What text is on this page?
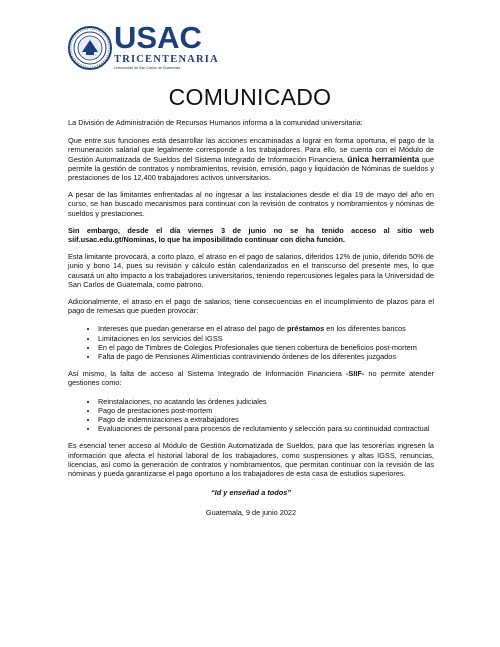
USAC
TRICENTENARIA
Universidad de San Carlos de Guatemala
COMUNICADO

La División de Administración de Recursos Humanos informa a la comunidad universitaria:

Que entre sus funciones está desarrollar las acciones encaminadas a lograr en forma oportuna, el pago de la remuneración salarial que legalmente corresponde a los trabajadores. Para ello, se cuenta con el Módulo de Gestión Automatizada de Sueldos del Sistema Integrado de Información Financiera, única herramienta que permite la gestión de contratos y nombramientos, revisión, emisión, pago y liquidación de Nóminas de sueldos y prestaciones de los 12,400 trabajadores activos universitarios.

A pesar de las limitantes enfrentadas al no ingresar a las instalaciones desde el día 19 de mayo del año en curso, se han buscado mecanismos para continuar con la revisión de contratos y nombramientos y nóminas de sueldos y prestaciones.

Sin embargo, desde el día viernes 3 de junio no se ha tenido acceso al sitio web siif.usac.edu.gt/Nominas, lo que ha imposibilitado continuar con dicha función.

Esta limitante provocará, a corto plazo, el atraso en el pago de salarios, diferidos 12% de junio, diferido 50% de junio y bono 14, pues su revisión y cálculo están calendarizados en el transcurso del presente mes, lo que causará un alto impacto a los trabajadores universitarios, teniendo repercusiones legales para la Universidad de San Carlos de Guatemala, como patrono.

Adicionalmente, el atraso en el pago de salarios, tiene consecuencias en el incumplimiento de plazos para el pago de remesas que pueden provocar:

• Intereses que puedan generarse en el atraso del pago de préstamos en los diferentes bancos
• Limitaciones en los servicios del IGSS
• En el pago de Timbres de Colegios Profesionales que tienen cobertura de beneficios post-mortem
• Falta de pago de Pensiones Alimenticias contraviniendo órdenes de los diferentes juzgados

Así mismo, la falta de acceso al Sistema Integrado de Información Financiera -SIIF- no permite atender gestiones como:

• Reinstalaciones, no acatando las órdenes judiciales
• Pago de prestaciones post-mortem
• Pago de indemnizaciones a extrabajadores
• Evaluaciones de personal para procesos de reclutamiento y selección para su continuidad contractual

Es esencial tener acceso al Módulo de Gestión Automatizada de Sueldos, para que las tesorerías ingresen la información que afecta el historial laboral de los trabajadores, como suspensiones y altas IGSS, renuncias, licencias, así como la generación de contratos y nombramientos, que permitan continuar con la revisión de las nóminas y pueda garantizarse el pago oportuno a los trabajadores de esta casa de estudios superiores.

“Id y enseñad a todos”

Guatemala, 9 de junio 2022
